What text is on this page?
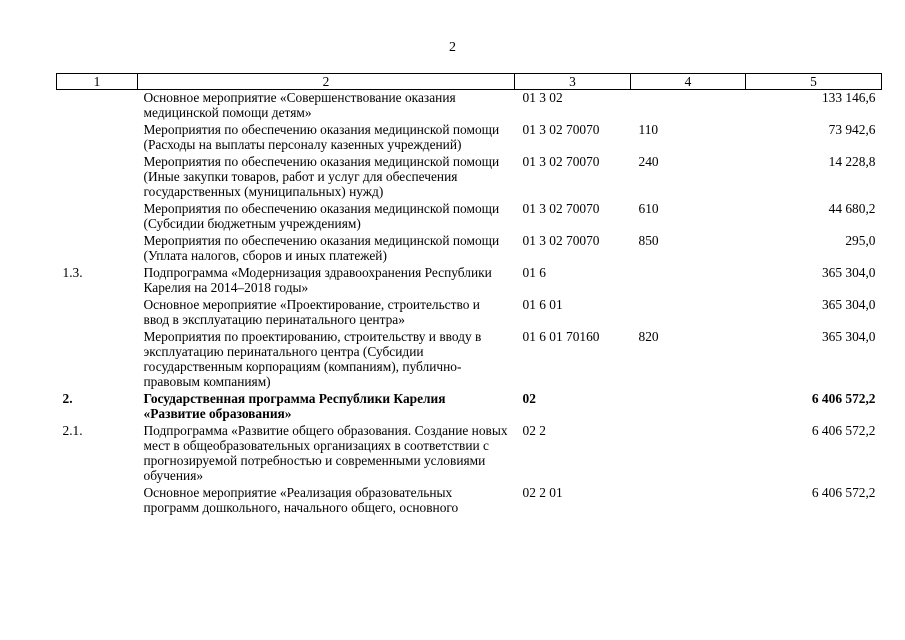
2
1	2	3	4	5
	Основное мероприятие «Совершенствование оказания медицинской помощи детям»	01 3 02		133 146,6
	Мероприятия по обеспечению оказания медицинской помощи (Расходы на выплаты персоналу казенных учреждений)	01 3 02 70070	110	73 942,6
	Мероприятия по обеспечению оказания медицинской помощи (Иные закупки товаров, работ и услуг для обеспечения государственных (муниципальных) нужд)	01 3 02 70070	240	14 228,8
	Мероприятия по обеспечению оказания медицинской помощи (Субсидии бюджетным учреждениям)	01 3 02 70070	610	44 680,2
	Мероприятия по обеспечению оказания медицинской помощи (Уплата налогов, сборов и иных платежей)	01 3 02 70070	850	295,0
1.3.	Подпрограмма «Модернизация здравоохранения Республики Карелия на 2014–2018 годы»	01 6		365 304,0
	Основное мероприятие «Проектирование, строительство и ввод в эксплуатацию перинатального центра»	01 6 01		365 304,0
	Мероприятия по проектированию, строительству и вводу в эксплуатацию перинатального центра (Субсидии государственным корпорациям (компаниям), публично-правовым компаниям)	01 6 01 70160	820	365 304,0
2.	Государственная программа Республики Карелия «Развитие образования»	02		6 406 572,2
2.1.	Подпрограмма «Развитие общего образования. Создание новых мест в общеобразовательных организациях в соответствии с прогнозируемой потребностью и современными условиями обучения»	02 2		6 406 572,2
	Основное мероприятие «Реализация образовательных программ дошкольного, начального общего, основного	02 2 01		6 406 572,2
